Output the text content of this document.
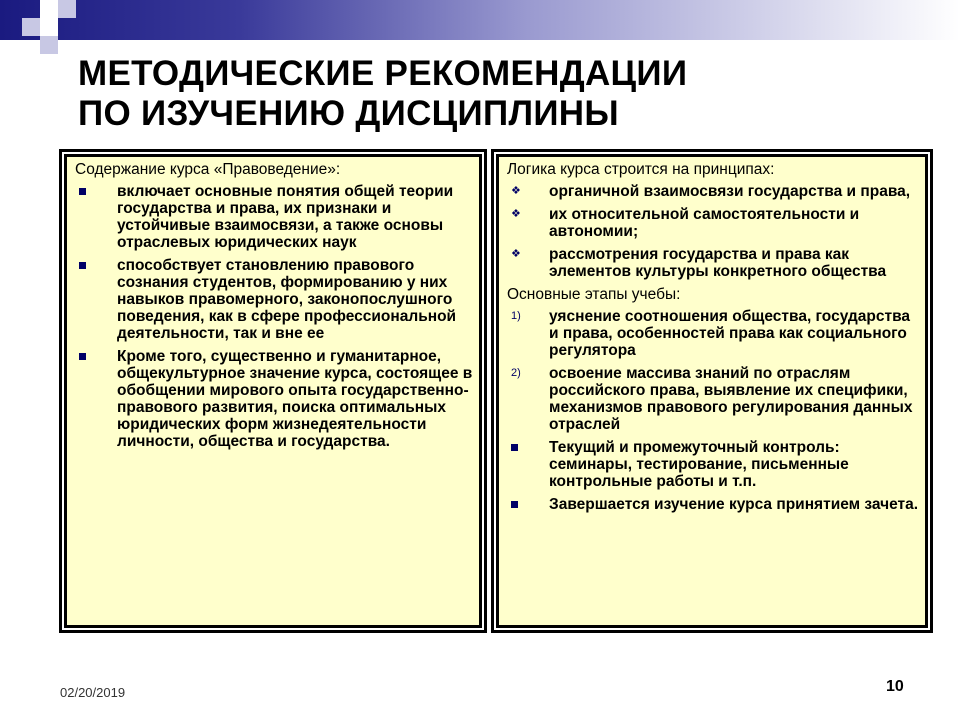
МЕТОДИЧЕСКИЕ РЕКОМЕНДАЦИИ
ПО ИЗУЧЕНИЮ ДИСЦИПЛИНЫ
Содержание курса «Правоведение»:
включает основные понятия общей теории государства и права, их признаки и устойчивые взаимосвязи, а также основы отраслевых юридических наук
способствует становлению правового сознания студентов, формированию у них навыков правомерного, законопослушного поведения, как в сфере профессиональной деятельности, так и вне ее
Кроме того, существенно и гуманитарное, общекультурное значение курса, состоящее в обобщении мирового опыта государственно-правового развития, поиска оптимальных юридических форм жизнедеятельности личности, общества и государства.
Логика курса строится на принципах:
❖ органичной взаимосвязи государства и права,
❖ их относительной самостоятельности и автономии;
❖ рассмотрения государства и права как элементов культуры конкретного общества
Основные этапы учебы:
1) уяснение соотношения общества, государства и права, особенностей права как социального регулятора
2) освоение массива знаний по отраслям российского права, выявление их специфики, механизмов правового регулирования данных отраслей
Текущий и промежуточный контроль: семинары, тестирование, письменные контрольные работы и т.п.
Завершается изучение курса принятием зачета.
02/20/2019	10
